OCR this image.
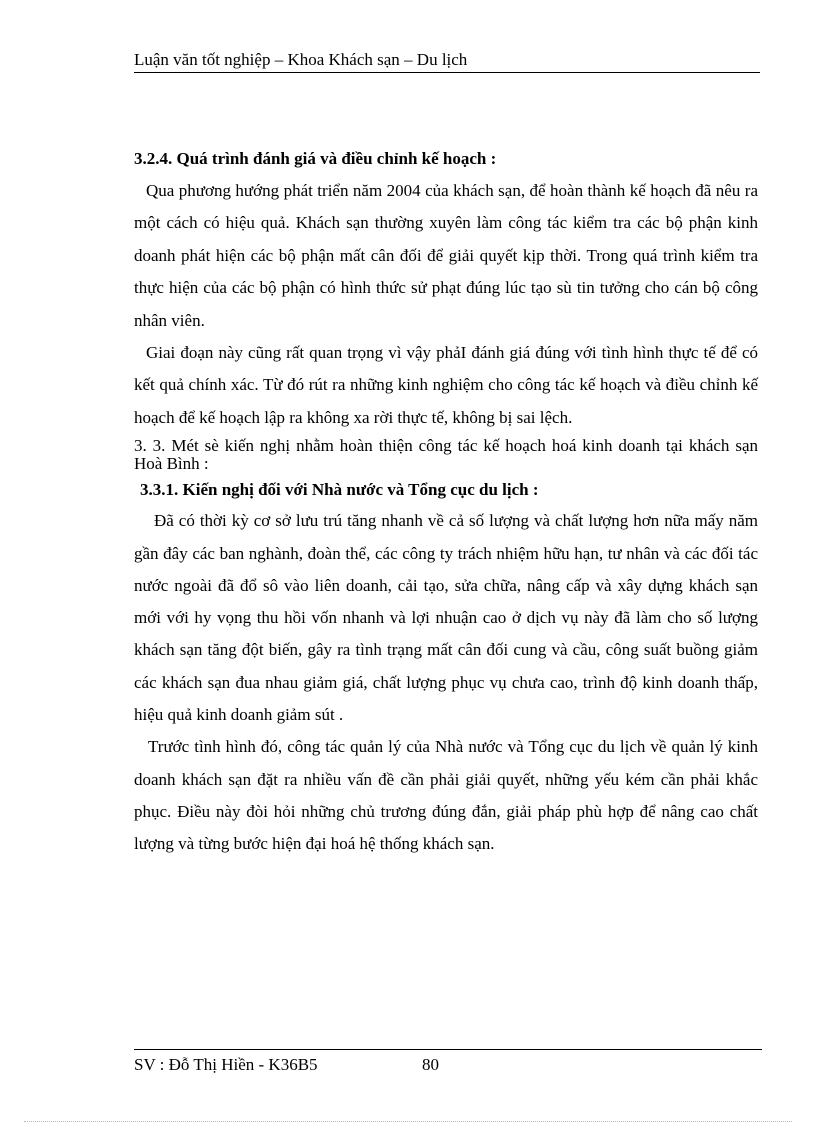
Luận văn tốt nghiệp – Khoa Khách sạn – Du lịch

3.2.4. Quá trình đánh giá và điều chỉnh kế hoạch :

Qua phương hướng phát triển năm 2004 của khách sạn, để hoàn thành kế hoạch đã nêu ra một cách có hiệu quả. Khách sạn thường xuyên làm công tác kiểm tra các bộ phận kinh doanh phát hiện các bộ phận mất cân đối để giải quyết kịp thời. Trong quá trình kiểm tra thực hiện của các bộ phận có hình thức sử phạt đúng lúc tạo sù tin tưởng cho cán bộ công nhân viên.

Giai đoạn này cũng rất quan trọng vì vậy phảI đánh giá đúng với tình hình thực tế để có kết quả chính xác. Từ đó rút ra những kinh nghiệm cho công tác kế hoạch và điều chỉnh kế hoạch để kế hoạch lập ra không xa rời thực tế, không bị sai lệch.

3. 3. Mét sè kiến nghị nhằm hoàn thiện công tác kế hoạch hoá kinh doanh tại khách sạn Hoà Bình :

3.3.1. Kiến nghị đối với Nhà nước và Tổng cục du lịch :

Đã có thời kỳ cơ sở lưu trú tăng nhanh về cả số lượng và chất lượng hơn nữa mấy năm gần đây các ban nghành, đoàn thể, các công ty trách nhiệm hữu hạn, tư nhân và các đối tác nước ngoài đã đổ sô vào liên doanh, cải tạo, sửa chữa, nâng cấp và xây dựng khách sạn mới với hy vọng thu hồi vốn nhanh và lợi nhuận cao ở dịch vụ này đã làm cho số lượng khách sạn tăng đột biến, gây ra tình trạng mất cân đối cung và cầu, công suất buồng giảm các khách sạn đua nhau giảm giá, chất lượng phục vụ chưa cao, trình độ kinh doanh thấp, hiệu quả kinh doanh giảm sút .

Trước tình hình đó, công tác quản lý của Nhà nước và Tổng cục du lịch về quản lý kinh doanh khách sạn đặt ra nhiều vấn đề cần phải giải quyết, những yếu kém cần phải khắc phục. Điều này đòi hỏi những chủ trương đúng đắn, giải pháp phù hợp để nâng cao chất lượng và từng bước hiện đại hoá hệ thống khách sạn.

SV : Đỗ Thị Hiền - K36B5	80
